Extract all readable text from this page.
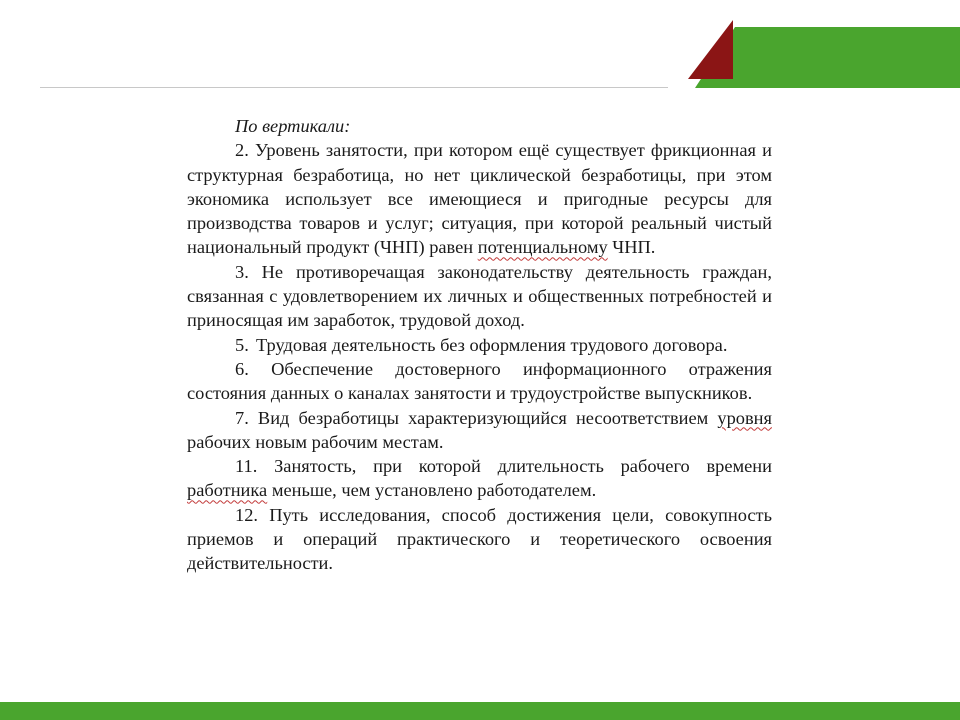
По вертикали:

2. Уровень занятости, при котором ещё существует фрикционная и структурная безработица, но нет циклической безработицы, при этом экономика использует все имеющиеся и пригодные ресурсы для производства товаров и услуг; ситуация, при которой реальный чистый национальный продукт (ЧНП) равен потенциальному ЧНП.

3. Не противоречащая законодательству деятельность граждан, связанная с удовлетворением их личных и общественных потребностей и приносящая им заработок, трудовой доход.

5. Трудовая деятельность без оформления трудового договора.

6. Обеспечение достоверного информационного отражения состояния данных о каналах занятости и трудоустройстве выпускников.

7. Вид безработицы характеризующийся несоответствием уровня рабочих новым рабочим местам.

11. Занятость, при которой длительность рабочего времени работника меньше, чем установлено работодателем.

12. Путь исследования, способ достижения цели, совокупность приемов и операций практического и теоретического освоения действительности.
